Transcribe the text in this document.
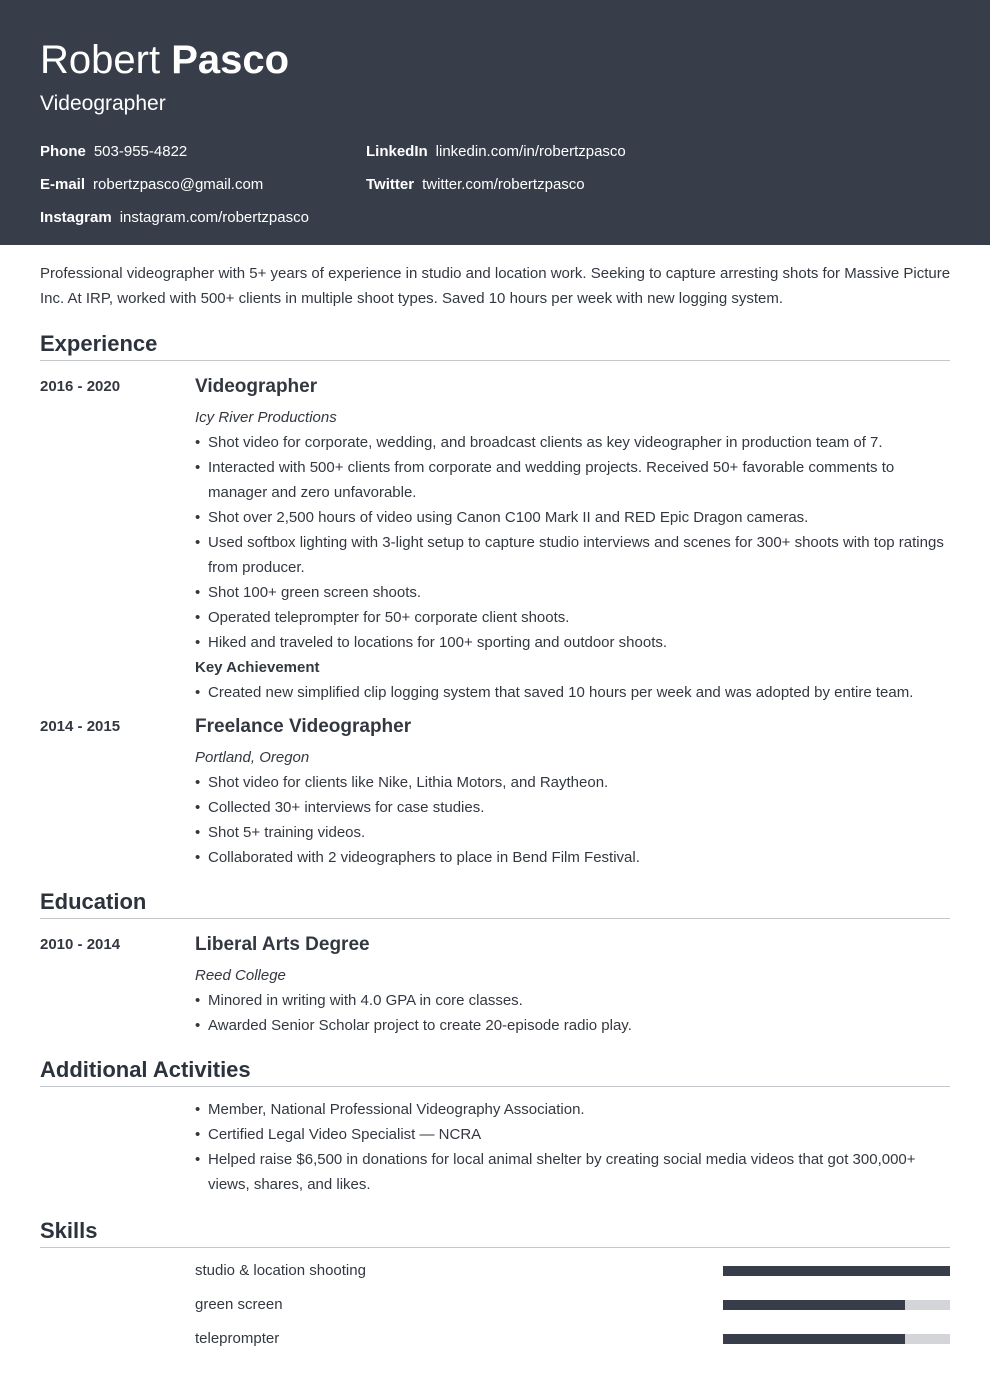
Robert Pasco
Videographer
Phone 503-955-4822
E-mail robertzpasco@gmail.com
Instagram instagram.com/robertzpasco
LinkedIn linkedin.com/in/robertzpasco
Twitter twitter.com/robertzpasco
Professional videographer with 5+ years of experience in studio and location work. Seeking to capture arresting shots for Massive Picture Inc. At IRP, worked with 500+ clients in multiple shoot types. Saved 10 hours per week with new logging system.
Experience
2016 - 2020	Videographer
Icy River Productions
• Shot video for corporate, wedding, and broadcast clients as key videographer in production team of 7.
• Interacted with 500+ clients from corporate and wedding projects. Received 50+ favorable comments to manager and zero unfavorable.
• Shot over 2,500 hours of video using Canon C100 Mark II and RED Epic Dragon cameras.
• Used softbox lighting with 3-light setup to capture studio interviews and scenes for 300+ shoots with top ratings from producer.
• Shot 100+ green screen shoots.
• Operated teleprompter for 50+ corporate client shoots.
• Hiked and traveled to locations for 100+ sporting and outdoor shoots.
Key Achievement
• Created new simplified clip logging system that saved 10 hours per week and was adopted by entire team.
2014 - 2015	Freelance Videographer
Portland, Oregon
• Shot video for clients like Nike, Lithia Motors, and Raytheon.
• Collected 30+ interviews for case studies.
• Shot 5+ training videos.
• Collaborated with 2 videographers to place in Bend Film Festival.
Education
2010 - 2014	Liberal Arts Degree
Reed College
• Minored in writing with 4.0 GPA in core classes.
• Awarded Senior Scholar project to create 20-episode radio play.
Additional Activities
• Member, National Professional Videography Association.
• Certified Legal Video Specialist — NCRA
• Helped raise $6,500 in donations for local animal shelter by creating social media videos that got 300,000+ views, shares, and likes.
Skills
studio & location shooting
green screen
teleprompter
